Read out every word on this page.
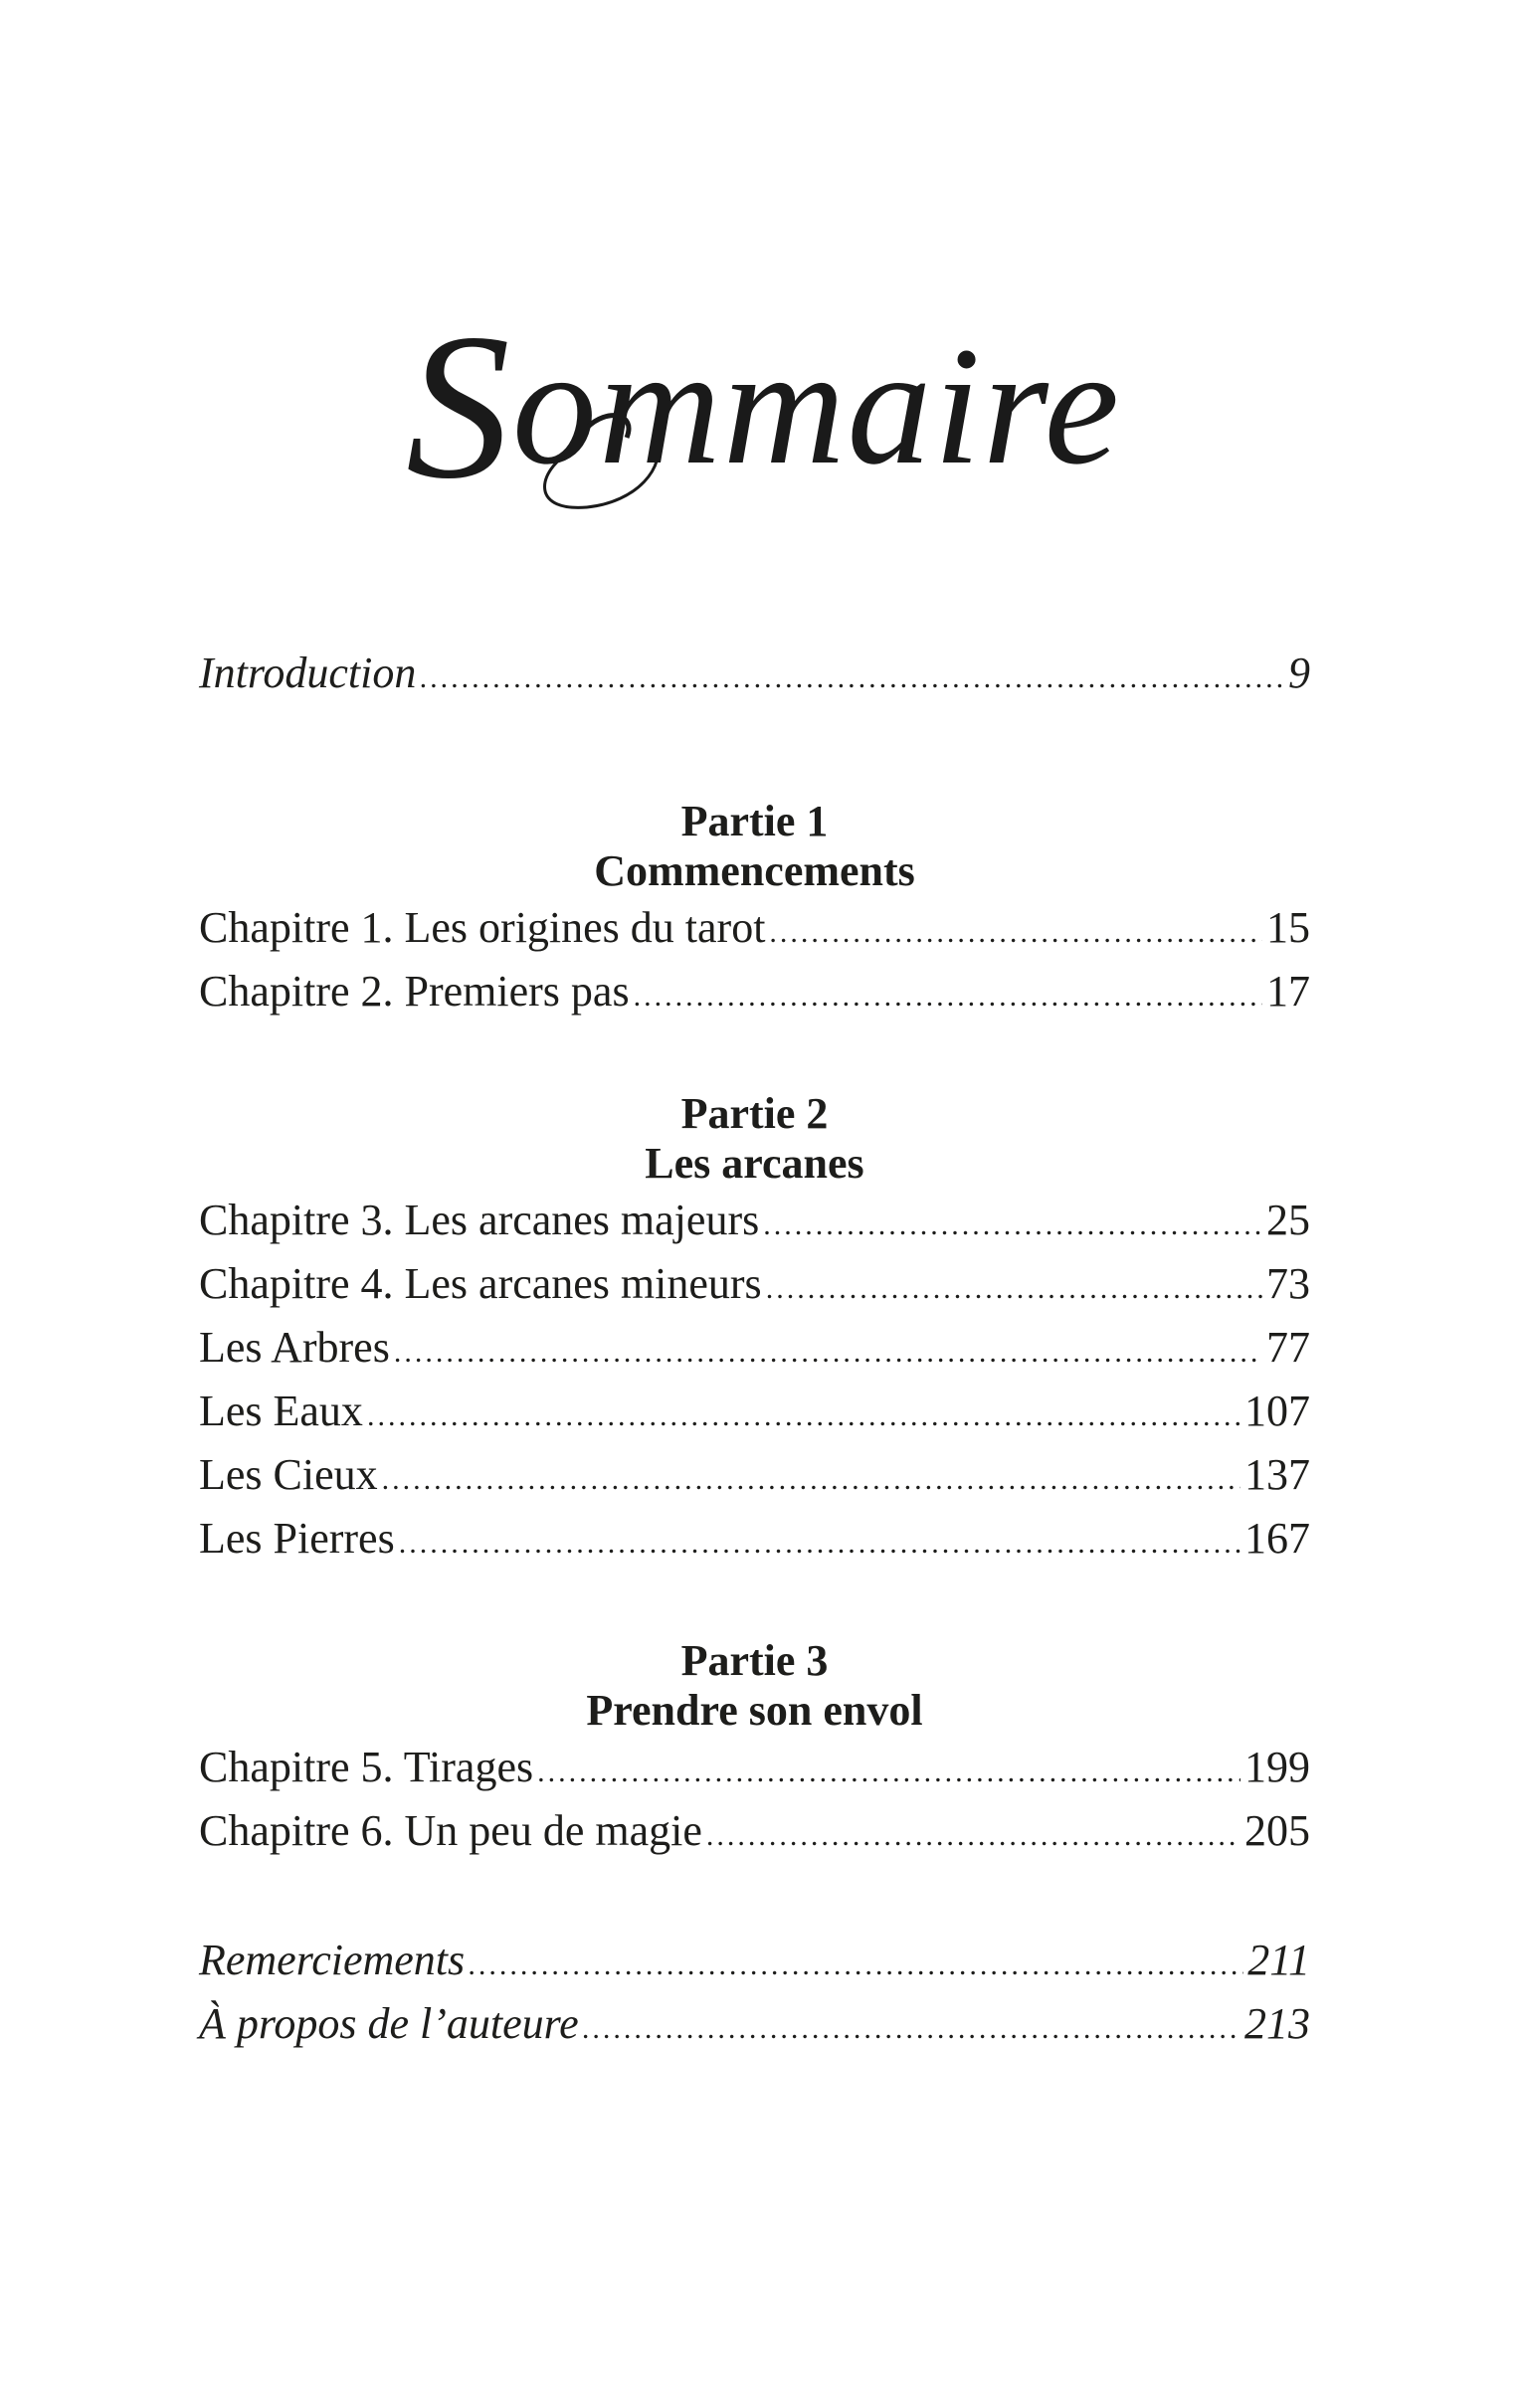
Sommaire
Introduction .....	9
Partie 1
Commencements
Chapitre 1. Les origines du tarot .....	15
Chapitre 2. Premiers pas .....	17
Partie 2
Les arcanes
Chapitre 3. Les arcanes majeurs .....	25
Chapitre 4. Les arcanes mineurs .....	73
Les Arbres .....	77
Les Eaux .....	107
Les Cieux .....	137
Les Pierres .....	167
Partie 3
Prendre son envol
Chapitre 5. Tirages .....	199
Chapitre 6. Un peu de magie .....	205
Remerciements .....	211
À propos de l’auteure .....	213
